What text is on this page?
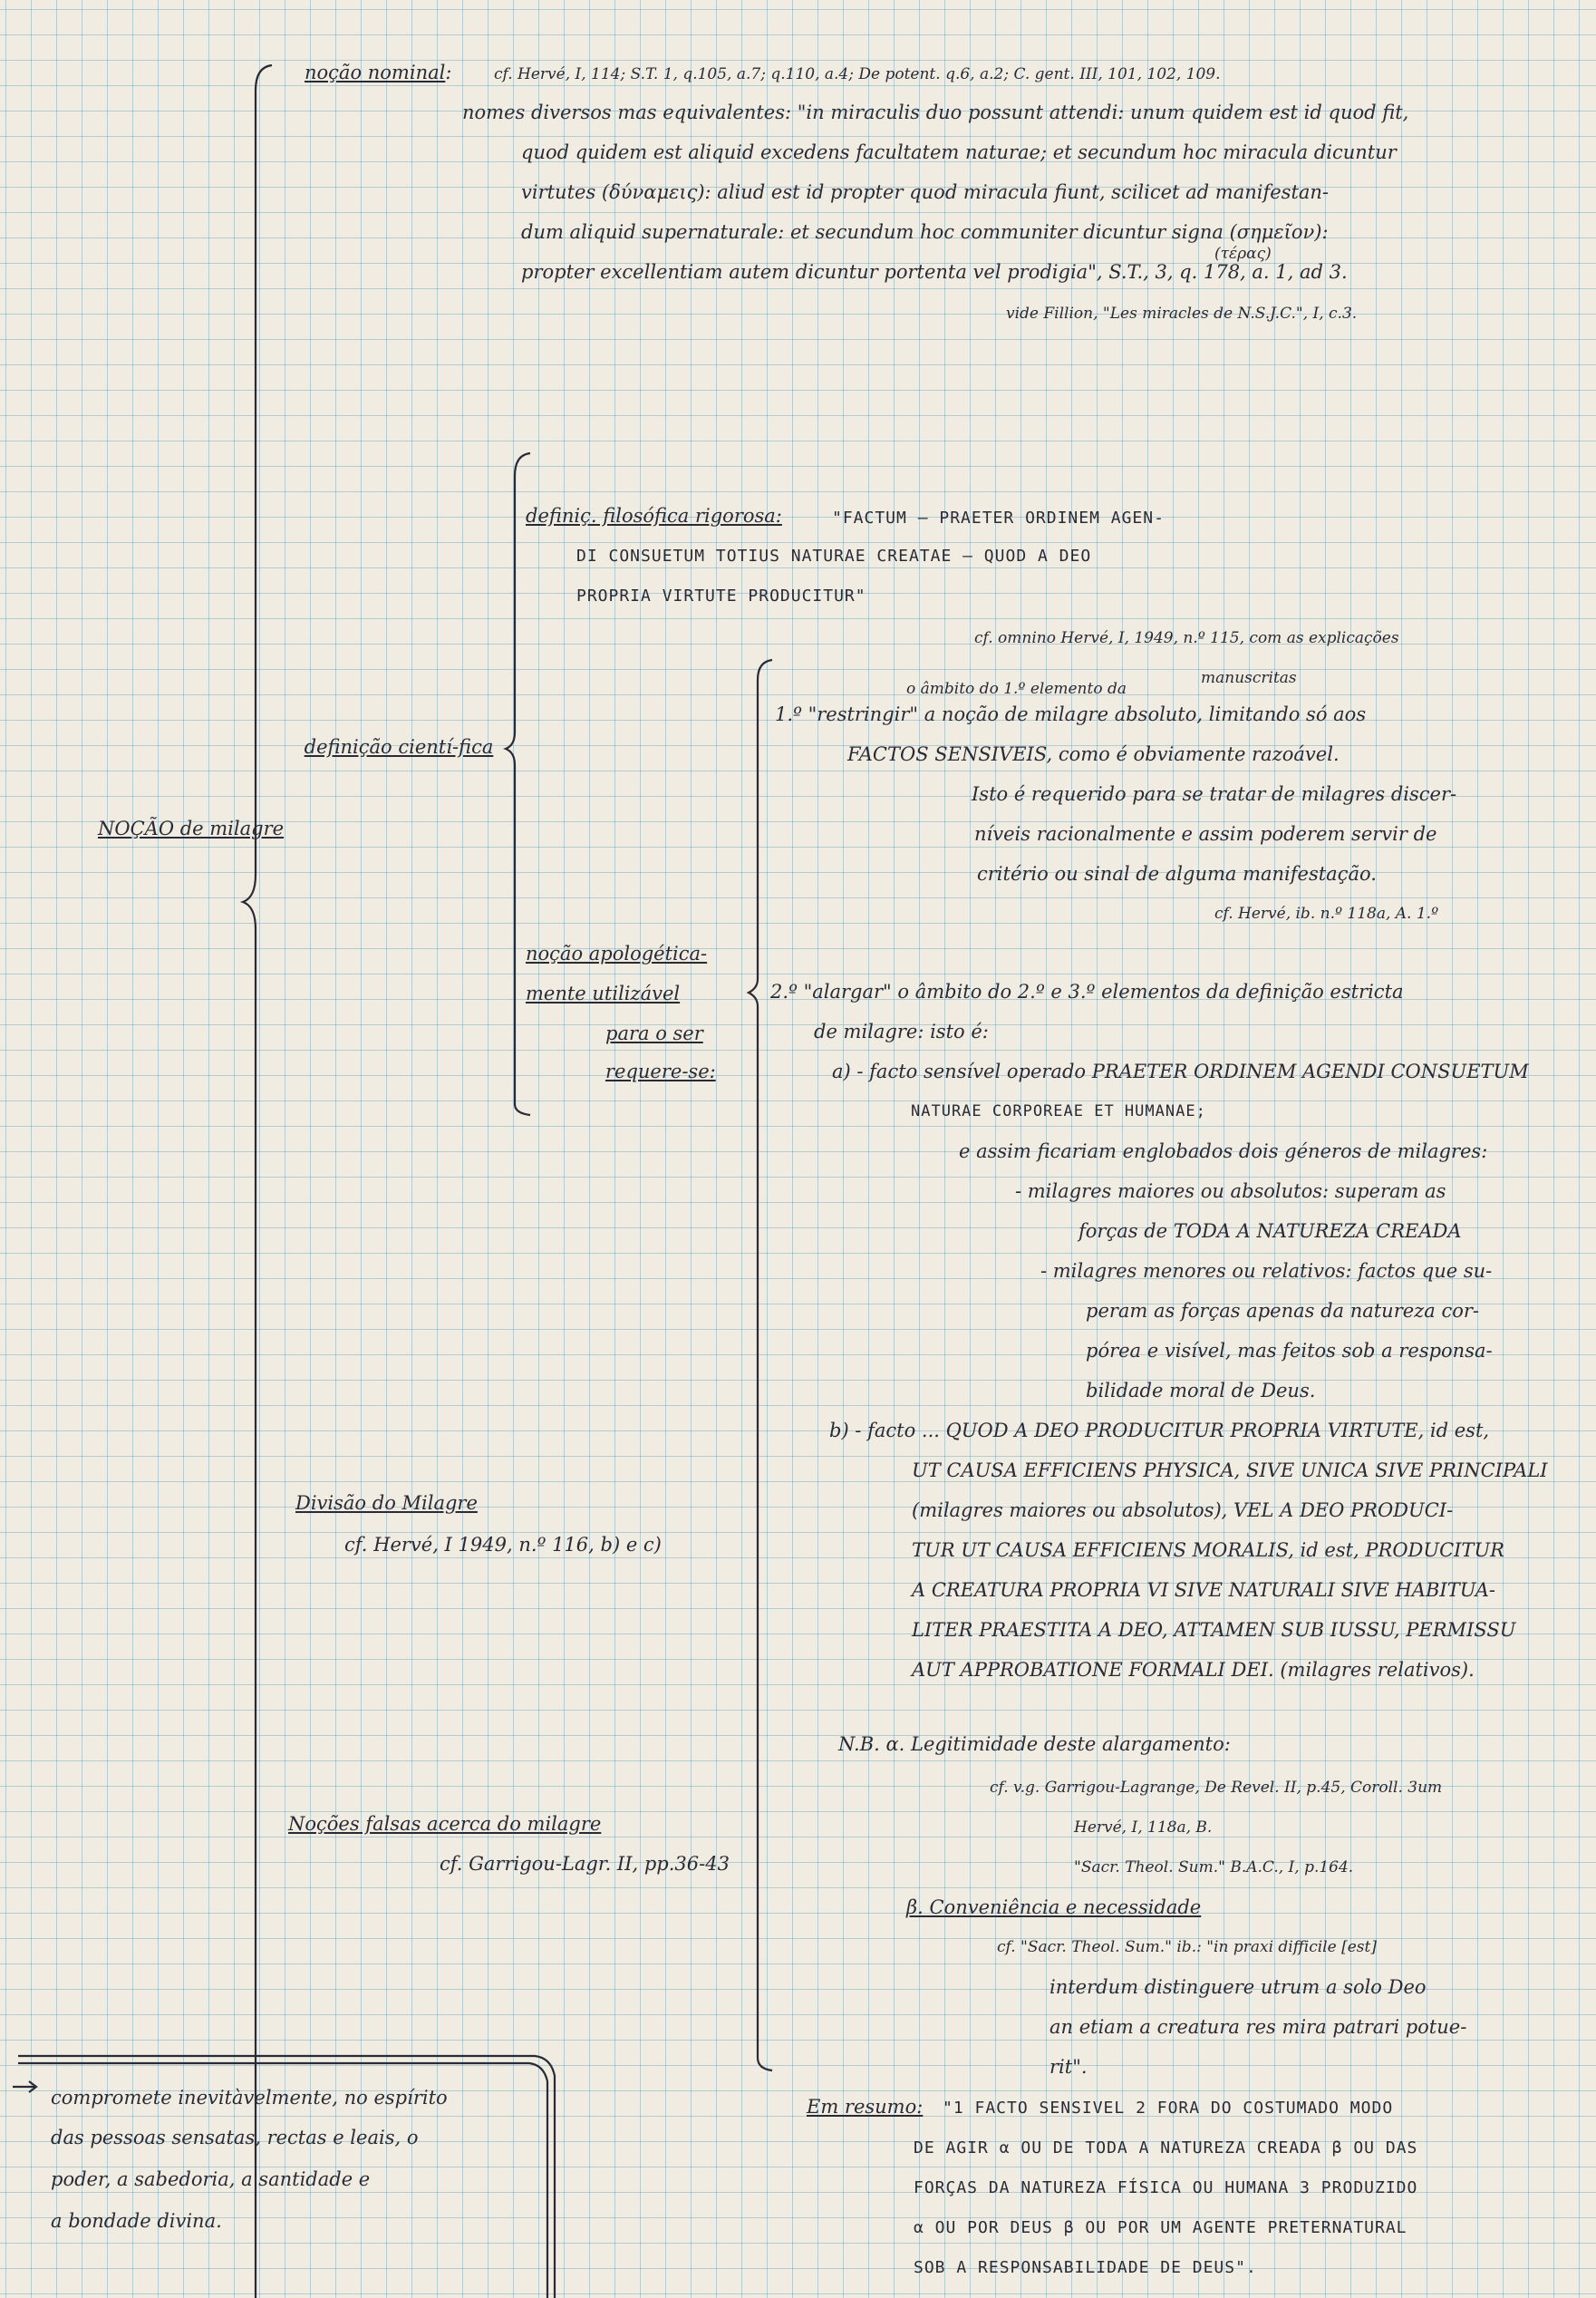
NOÇÃO de milagre
definição cientí-fica
Divisão do Milagre
cf. Hervé, I 1949, n.º 116, b) e c)
Noções falsas acerca do milagre
cf. Garrigou-Lagr. II, pp.36-43
compromete inevitàvelmente, no espírito
das pessoas sensatas, rectas e leais, o
poder, a sabedoria, a santidade e
a bondade divina.
noção nominal:	cf. Hervé, I, 114; S.T. 1, q.105, a.7; q.110, a.4; De potent. q.6, a.2; C. gent. III, 101, 102, 109.
nomes diversos mas equivalentes: "in miraculis duo possunt attendi: unum quidem est id quod fit,
quod quidem est aliquid excedens facultatem naturae; et secundum hoc miracula dicuntur
virtutes (δύναμεις): aliud est id propter quod miracula fiunt, scilicet ad manifestan-
dum aliquid supernaturale: et secundum hoc communiter dicuntur signa (σημεῖον):
(τέρας)
propter excellentiam autem dicuntur portenta vel prodigia", S.T., 3, q. 178, a. 1, ad 3.
vide Fillion, "Les miracles de N.S.J.C.", I, c.3.
definiç. filosófica rigorosa:	"FACTUM — PRAETER ORDINEM AGEN-
DI CONSUETUM TOTIUS NATURAE CREATAE — QUOD A DEO
PROPRIA VIRTUTE PRODUCITUR"
cf. omnino Hervé, I, 1949, n.º 115, com as explicações
manuscritas
o âmbito do 1.º elemento da
1.º "restringir" a noção de milagre absoluto, limitando só aos
FACTOS SENSIVEIS, como é obviamente razoável.
Isto é requerido para se tratar de milagres discer-
níveis racionalmente e assim poderem servir de
critério ou sinal de alguma manifestação.
cf. Hervé, ib. n.º 118a, A. 1.º
noção apologética-
mente utilizável
para o ser
requere-se:
2.º "alargar" o âmbito do 2.º e 3.º elementos da definição estricta
de milagre: isto é:
a) - facto sensível operado PRAETER ORDINEM AGENDI CONSUETUM
NATURAE CORPOREAE ET HUMANAE;
e assim ficariam englobados dois géneros de milagres:
- milagres maiores ou absolutos: superam as
forças de TODA A NATUREZA CREADA
- milagres menores ou relativos: factos que su-
peram as forças apenas da natureza cor-
pórea e visível, mas feitos sob a responsa-
bilidade moral de Deus.
b) - facto ... QUOD A DEO PRODUCITUR PROPRIA VIRTUTE, id est,
UT CAUSA EFFICIENS PHYSICA, SIVE UNICA SIVE PRINCIPALI
(milagres maiores ou absolutos), VEL A DEO PRODUCI-
TUR UT CAUSA EFFICIENS MORALIS, id est, PRODUCITUR
A CREATURA PROPRIA VI SIVE NATURALI SIVE HABITUA-
LITER PRAESTITA A DEO, ATTAMEN SUB IUSSU, PERMISSU
AUT APPROBATIONE FORMALI DEI. (milagres relativos).
N.B. α. Legitimidade deste alargamento:
cf. v.g. Garrigou-Lagrange, De Revel. II, p.45, Coroll. 3um
Hervé, I, 118a, B.
"Sacr. Theol. Sum." B.A.C., I, p.164.
β. Conveniência e necessidade
cf. "Sacr. Theol. Sum." ib.: "in praxi difficile [est]
interdum distinguere utrum a solo Deo
an etiam a creatura res mira patrari potue-
rit".
Em resumo: "1 FACTO SENSIVEL 2 FORA DO COSTUMADO MODO
DE AGIR α OU DE TODA A NATUREZA CREADA β OU DAS
FORÇAS DA NATUREZA FÍSICA OU HUMANA 3 PRODUZIDO
α OU POR DEUS β OU POR UM AGENTE PRETERNATURAL
SOB A RESPONSABILIDADE DE DEUS".
